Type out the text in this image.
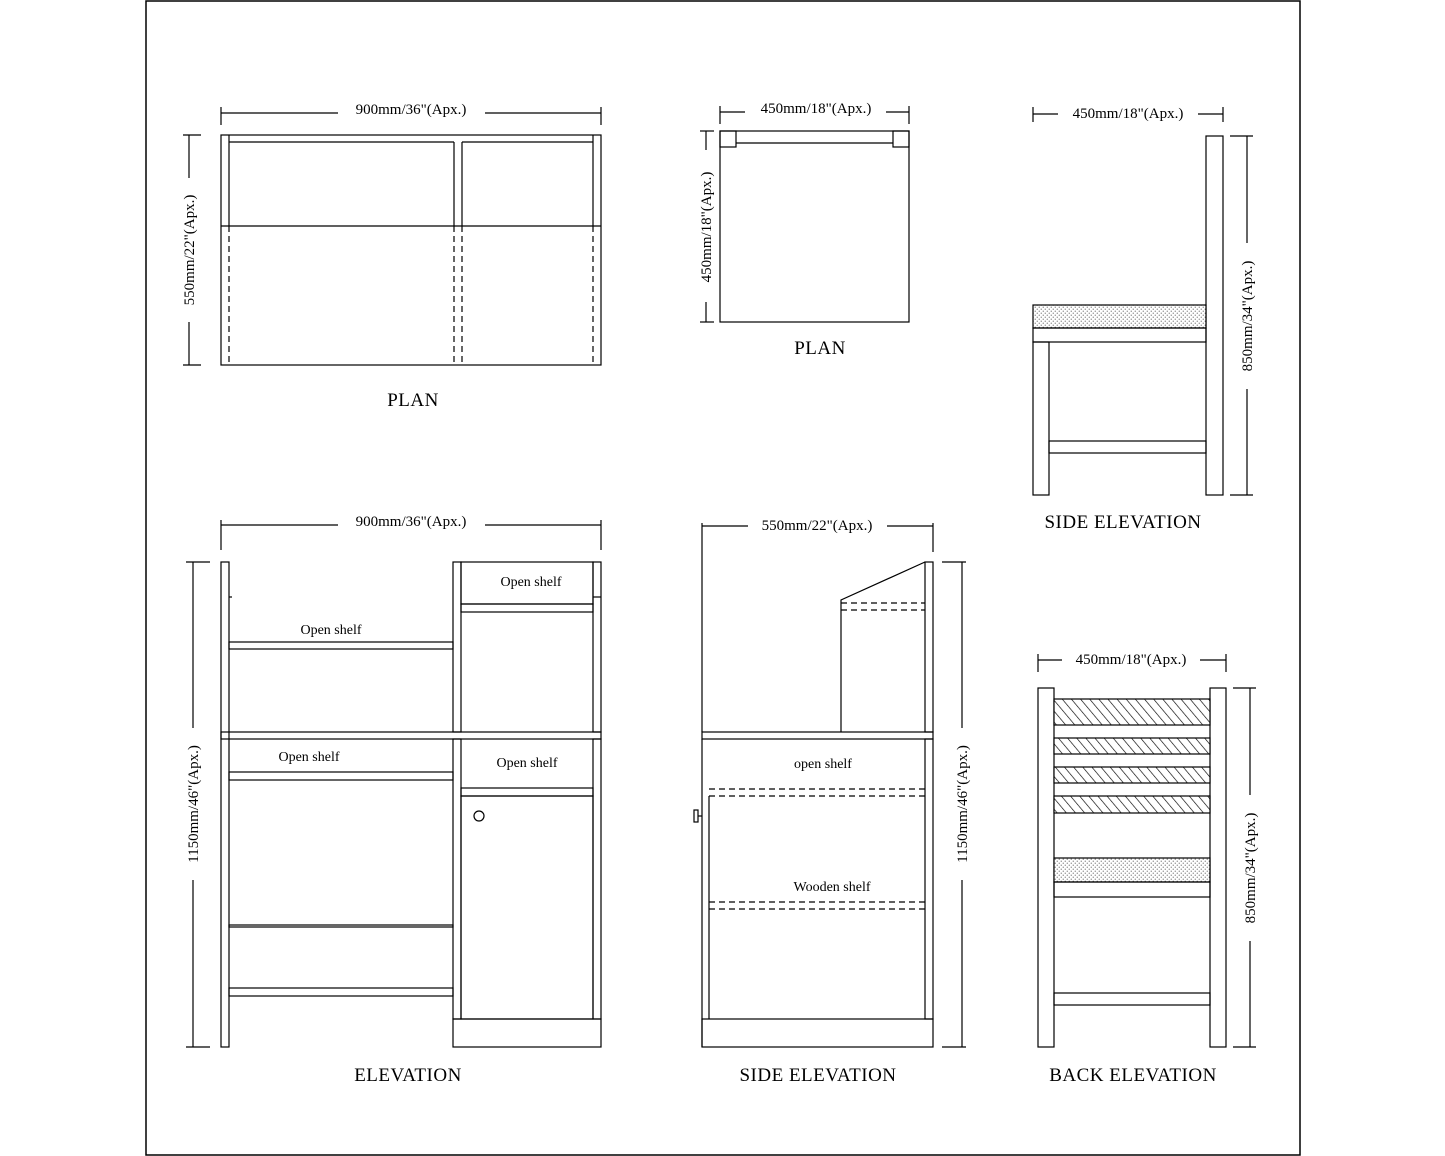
900mm/36"(Apx.)
550mm/22"(Apx.)
PLAN
450mm/18"(Apx.)
450mm/18"(Apx.)
PLAN
450mm/18"(Apx.)
850mm/34"(Apx.)
SIDE ELEVATION
900mm/36"(Apx.)
1150mm/46"(Apx.)
Open shelf
Open shelf
Open shelf	Open shelf
ELEVATION
550mm/22"(Apx.)
1150mm/46"(Apx.)
open shelf
Wooden shelf
SIDE ELEVATION
450mm/18"(Apx.)
850mm/34"(Apx.)
BACK ELEVATION
